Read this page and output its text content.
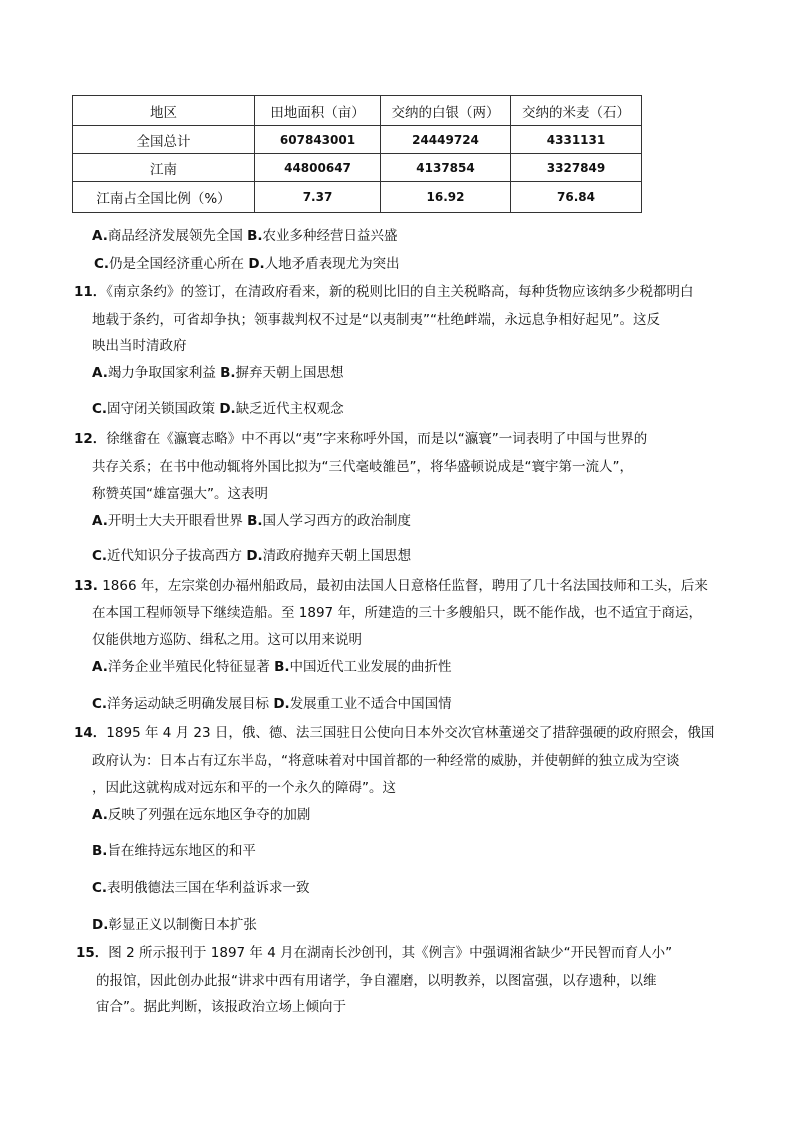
地区	田地面积（亩）	交纳的白银（两）	交纳的米麦（石）
全国总计	607843001	24449724	4331131
江南	44800647	4137854	3327849
江南占全国比例（%）	7.37	16.92	76.84
A.商品经济发展领先全国 B.农业多种经营日益兴盛
C.仍是全国经济重心所在 D.人地矛盾表现尤为突出
11．《南京条约》的签订，在清政府看来，新的税则比旧的自主关税略高，每种货物应该纳多少税都明白
地载于条约，可省却争执；领事裁判权不过是“以夷制夷”“杜绝衅端，永远息争相好起见”。这反
映出当时清政府
A.竭力争取国家利益 B.摒弃天朝上国思想
C.固守闭关锁国政策 D.缺乏近代主权观念
12．徐继畬在《瀛寰志略》中不再以“夷”字来称呼外国，而是以“瀛寰”一词表明了中国与世界的
共存关系；在书中他动辄将外国比拟为“三代毫岐雒邑”，将华盛顿说成是“寰宇第一流人”，
称赞英国“雄富强大”。这表明
A.开明士大夫开眼看世界 B.国人学习西方的政治制度
C.近代知识分子拔高西方 D.清政府抛弃天朝上国思想
13. 1866 年，左宗棠创办福州船政局，最初由法国人日意格任监督，聘用了几十名法国技师和工头，后来
在本国工程师领导下继续造船。至 1897 年，所建造的三十多艘船只，既不能作战，也不适宜于商运，
仅能供地方巡防、缉私之用。这可以用来说明
A.洋务企业半殖民化特征显著 B.中国近代工业发展的曲折性
C.洋务运动缺乏明确发展目标 D.发展重工业不适合中国国情
14．1895 年 4 月 23 日，俄、德、法三国驻日公使向日本外交次官林董递交了措辞强硬的政府照会，俄国
政府认为：日本占有辽东半岛，“将意味着对中国首都的一种经常的威胁，并使朝鲜的独立成为空谈
，因此这就构成对远东和平的一个永久的障碍”。这
A.反映了列强在远东地区争夺的加剧
B.旨在维持远东地区的和平
C.表明俄德法三国在华利益诉求一致
D.彰显正义以制衡日本扩张
15．图 2 所示报刊于 1897 年 4 月在湖南长沙创刊，其《例言》中强调湘省缺少“开民智而育人小”
的报馆，因此创办此报“讲求中西有用诸学，争自濯磨，以明教养，以图富强，以存遗种，以维
宙合”。据此判断，该报政治立场上倾向于
